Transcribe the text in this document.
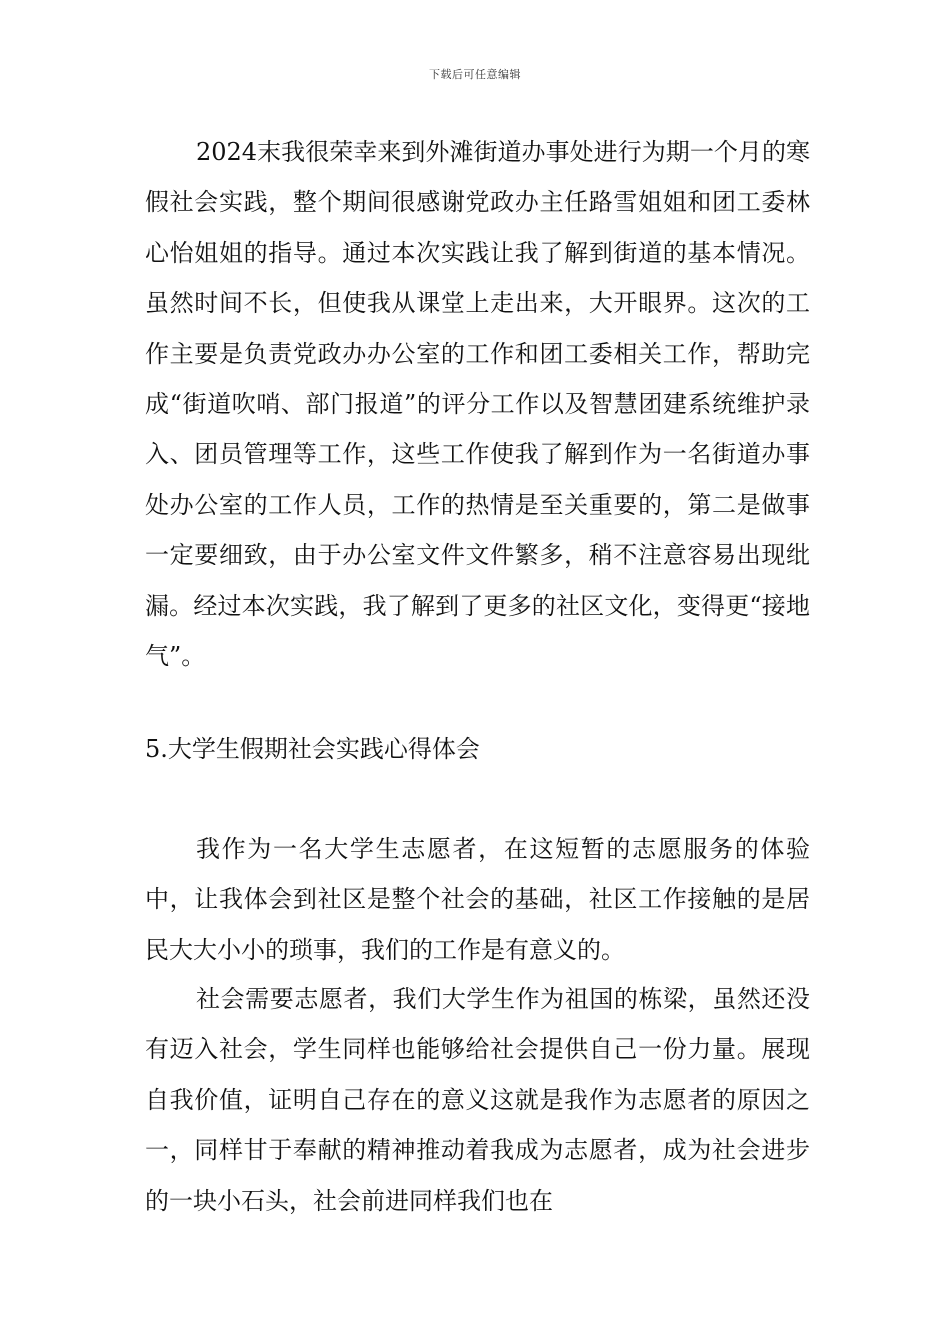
下载后可任意编辑

2024末我很荣幸来到外滩街道办事处进行为期一个月的寒假社会实践，整个期间很感谢党政办主任路雪姐姐和团工委林心怡姐姐的指导。通过本次实践让我了解到街道的基本情况。虽然时间不长，但使我从课堂上走出来，大开眼界。这次的工作主要是负责党政办办公室的工作和团工委相关工作，帮助完成“街道吹哨、部门报道”的评分工作以及智慧团建系统维护录入、团员管理等工作，这些工作使我了解到作为一名街道办事处办公室的工作人员，工作的热情是至关重要的，第二是做事一定要细致，由于办公室文件文件繁多，稍不注意容易出现纰漏。经过本次实践，我了解到了更多的社区文化，变得更“接地气”。

5.大学生假期社会实践心得体会

我作为一名大学生志愿者，在这短暂的志愿服务的体验中，让我体会到社区是整个社会的基础，社区工作接触的是居民大大小小的琐事，我们的工作是有意义的。

社会需要志愿者，我们大学生作为祖国的栋梁，虽然还没有迈入社会，学生同样也能够给社会提供自己一份力量。展现自我价值，证明自己存在的意义这就是我作为志愿者的原因之一，同样甘于奉献的精神推动着我成为志愿者，成为社会进步的一块小石头，社会前进同样我们也在
